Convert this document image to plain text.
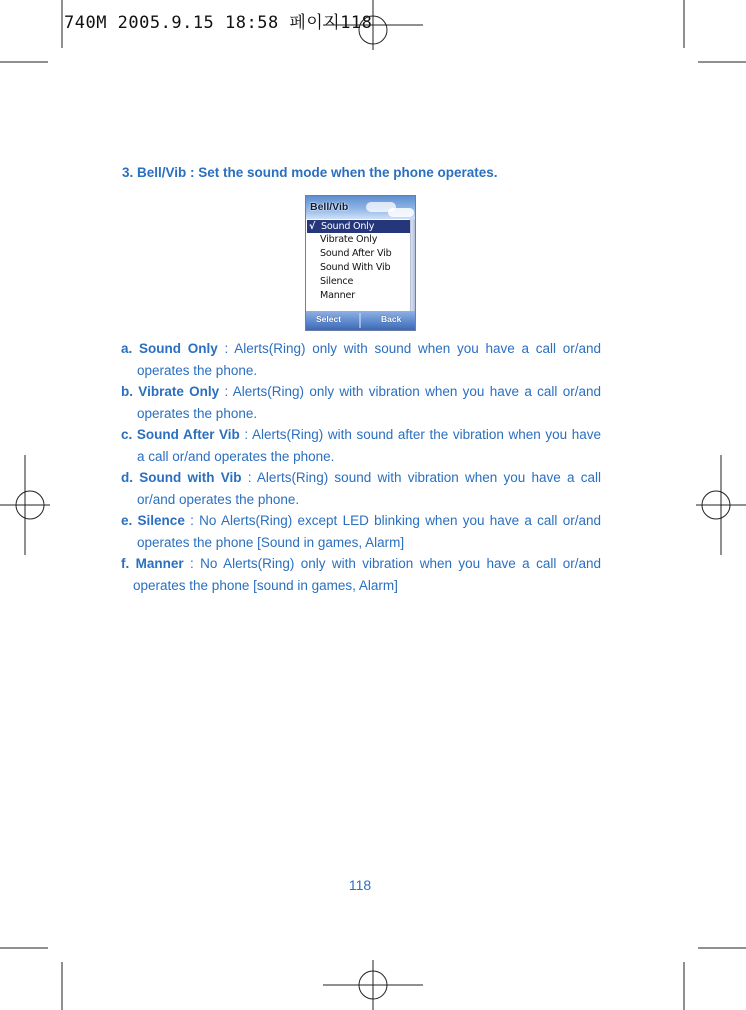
740M 2005.9.15 18:58 페이지118
3. Bell/Vib : Set the sound mode when the phone operates.
Bell/Vib
√ Sound Only
Vibrate Only
Sound After Vib
Sound With Vib
Silence
Manner
Select	Back
a. Sound Only : Alerts(Ring) only with sound when you have a call or/and operates the phone.
b. Vibrate Only : Alerts(Ring) only with vibration when you have a call or/and operates the phone.
c. Sound After Vib : Alerts(Ring) with sound after the vibration when you have a call or/and operates the phone.
d. Sound with Vib : Alerts(Ring) sound with vibration when you have a call or/and operates the phone.
e. Silence : No Alerts(Ring) except LED blinking when you have a call or/and operates the phone [Sound in games, Alarm]
f. Manner : No Alerts(Ring) only with vibration when you have a call or/and operates the phone [sound in games, Alarm]
118
